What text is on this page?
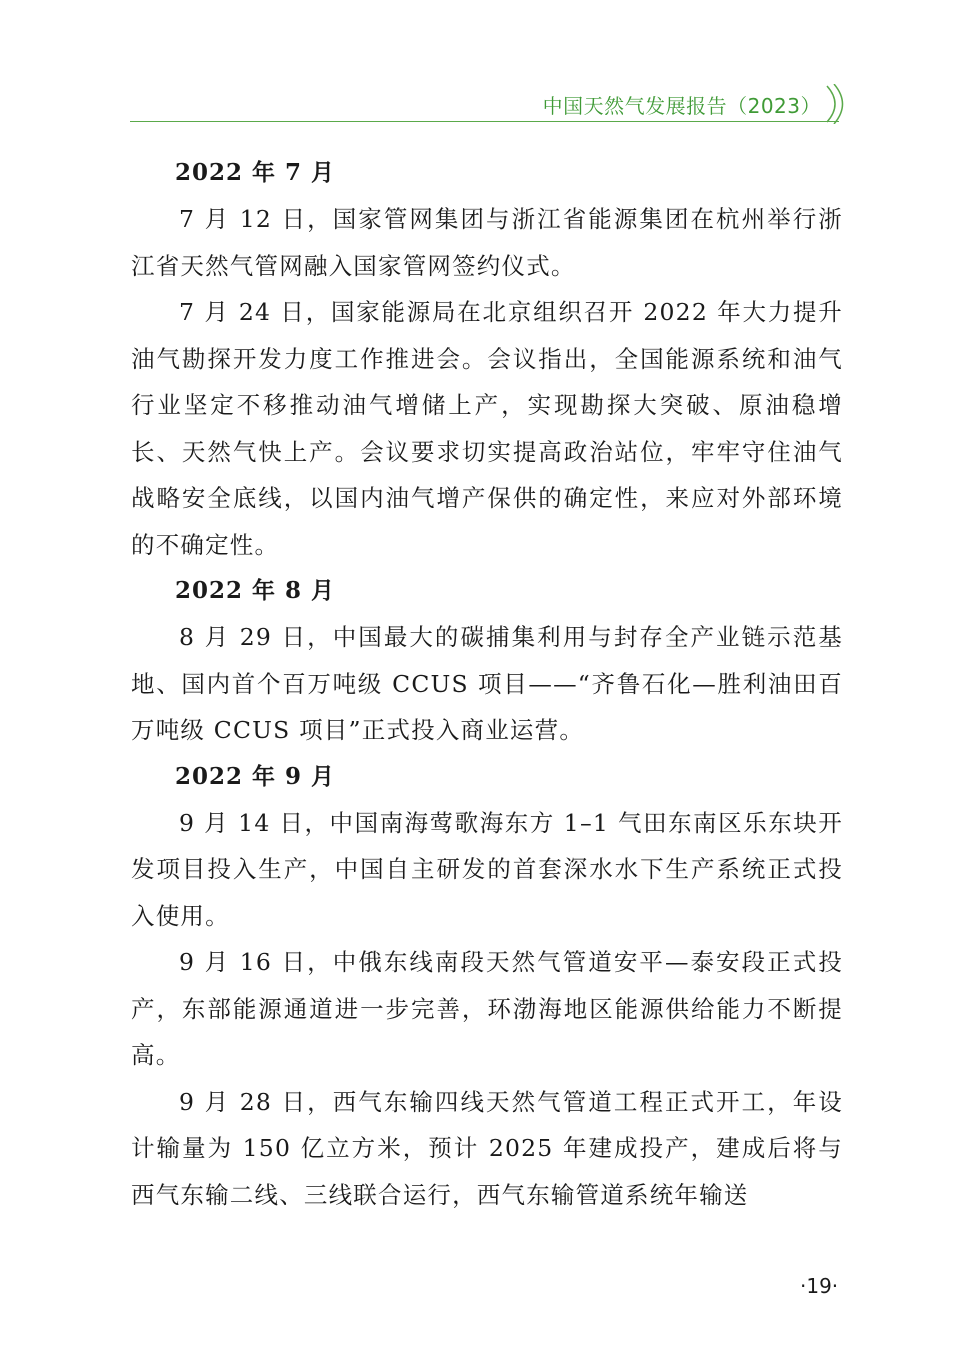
中国天然气发展报告（2023）
2022 年 7 月

7 月 12 日，国家管网集团与浙江省能源集团在杭州举行浙江省天然气管网融入国家管网签约仪式。

7 月 24 日，国家能源局在北京组织召开 2022 年大力提升油气勘探开发力度工作推进会。会议指出，全国能源系统和油气行业坚定不移推动油气增储上产，实现勘探大突破、原油稳增长、天然气快上产。会议要求切实提高政治站位，牢牢守住油气战略安全底线，以国内油气增产保供的确定性，来应对外部环境的不确定性。

2022 年 8 月

8 月 29 日，中国最大的碳捕集利用与封存全产业链示范基地、国内首个百万吨级 CCUS 项目——“齐鲁石化—胜利油田百万吨级 CCUS 项目”正式投入商业运营。

2022 年 9 月

9 月 14 日，中国南海莺歌海东方 1–1 气田东南区乐东块开发项目投入生产，中国自主研发的首套深水水下生产系统正式投入使用。

9 月 16 日，中俄东线南段天然气管道安平—泰安段正式投产，东部能源通道进一步完善，环渤海地区能源供给能力不断提高。

9 月 28 日，西气东输四线天然气管道工程正式开工，年设计输量为 150 亿立方米，预计 2025 年建成投产，建成后将与西气东输二线、三线联合运行，西气东输管道系统年输送

·19·
